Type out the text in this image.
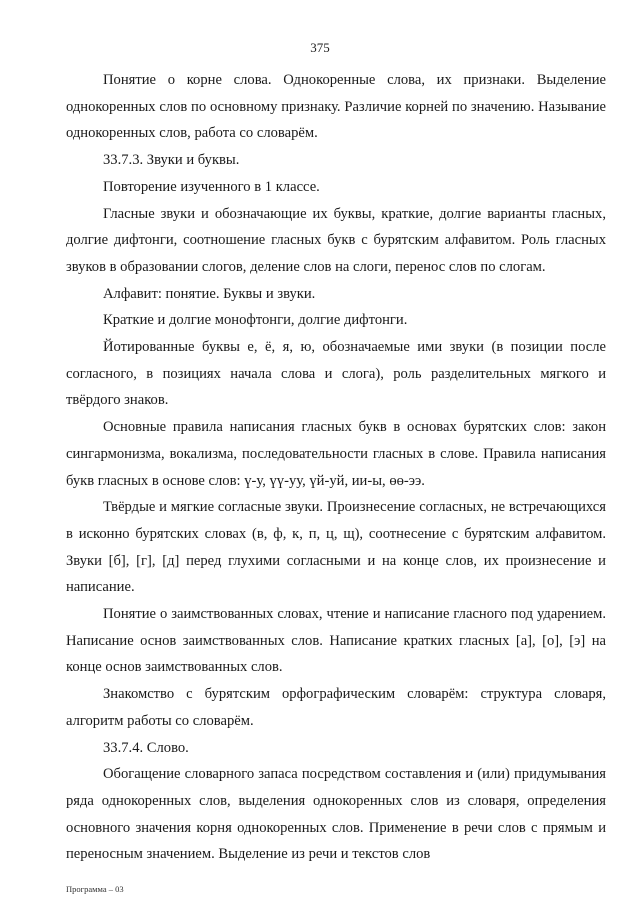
375

Понятие о корне слова. Однокоренные слова, их признаки. Выделение однокоренных слов по основному признаку. Различие корней по значению. Называние однокоренных слов, работа со словарём.

33.7.3. Звуки и буквы.

Повторение изученного в 1 классе.

Гласные звуки и обозначающие их буквы, краткие, долгие варианты гласных, долгие дифтонги, соотношение гласных букв с бурятским алфавитом. Роль гласных звуков в образовании слогов, деление слов на слоги, перенос слов по слогам.

Алфавит: понятие. Буквы и звуки.

Краткие и долгие монофтонги, долгие дифтонги.

Йотированные буквы е, ё, я, ю, обозначаемые ими звуки (в позиции после согласного, в позициях начала слова и слога), роль разделительных мягкого и твёрдого знаков.

Основные правила написания гласных букв в основах бурятских слов: закон сингармонизма, вокализма, последовательности гласных в слове. Правила написания букв гласных в основе слов: ү-у, үү-уу, үй-уй, ии-ы, өө-ээ.

Твёрдые и мягкие согласные звуки. Произнесение согласных, не встречающихся в исконно бурятских словах (в, ф, к, п, ц, щ), соотнесение с бурятским алфавитом. Звуки [б], [г], [д] перед глухими согласными и на конце слов, их произнесение и написание.

Понятие о заимствованных словах, чтение и написание гласного под ударением. Написание основ заимствованных слов. Написание кратких гласных [а], [о], [э] на конце основ заимствованных слов.

Знакомство с бурятским орфографическим словарём: структура словаря, алгоритм работы со словарём.

33.7.4. Слово.

Обогащение словарного запаса посредством составления и (или) придумывания ряда однокоренных слов, выделения однокоренных слов из словаря, определения основного значения корня однокоренных слов. Применение в речи слов с прямым и переносным значением. Выделение из речи и текстов слов

Программа – 03
